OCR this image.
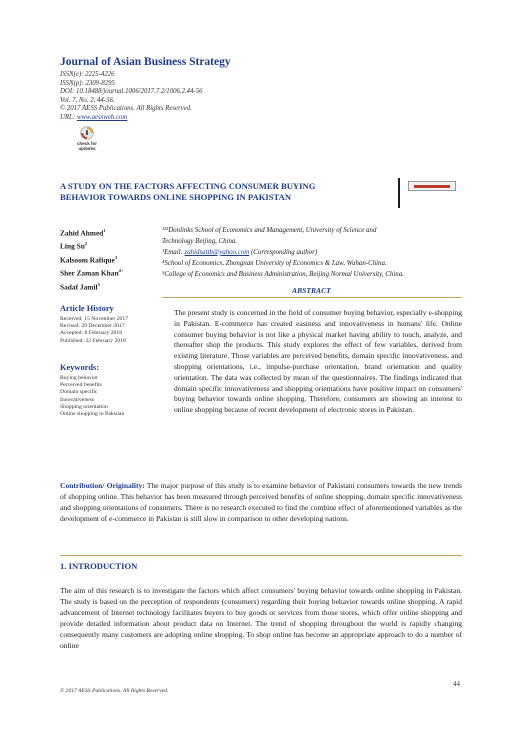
Journal of Asian Business Strategy
ISSN(e): 2225-4226
ISSN(p): 2309-8295
DOI: 10.18488/journal.1006/2017.7.2/1006.2.44-56
Vol. 7, No. 2, 44-56.
© 2017 AESS Publications. All Rights Reserved.
URL: www.aessweb.com
check for
updates
A STUDY ON THE FACTORS AFFECTING CONSUMER BUYING
BEHAVIOR TOWARDS ONLINE SHOPPING IN PAKISTAN
Zahid Ahmed$^1$
Ling Su$^2$
Kalsoom Rafique$^3$
Sher Zaman Khan$^{4+}$
Sadaf Jamil$^5$
¹²³Donlinks School of Economics and Management, University of Science and
Technology Beijing, China.
¹Email: zahidsattb@yahoo.com (Corresponding author)
⁴School of Economics, Zhongnan University of Economics & Law, Wuhan-China.
⁵College of Economics and Business Administration, Beijing Normal University, China.
ABSTRACT
Article History
Received: 15 November 2017
Revised: 29 December 2017
Accepted: 8 February 2018
Published: 22 February 2018
Keywords:
Buying behavior
Perceived benefits
Domain specific
Innovativeness
Shopping orientation
Online shopping in Pakistan
The present study is concerned in the field of consumer buying behavior, especially e-shopping in Pakistan. E-commerce has created easiness and innovativeness in humans' life. Online consumer buying behavior is not like a physical market having ability to touch, analyze, and thereafter shop the products. This study explores the effect of few variables, derived from existing literature. Those variables are perceived benefits, domain specific innovativeness, and shopping orientations, i.e., impulse-purchase orientation, brand orientation and quality orientation. The data was collected by mean of the questionnaires. The findings indicated that domain specific innovativeness and shopping orientations have positive impact on consumers' buying behavior towards online shopping. Therefore, consumers are showing an interest to online shopping because of recent development of electronic stores in Pakistan.
Contribution/ Originality: The major purpose of this study is to examine behavior of Pakistani consumers towards the new trends of shopping online. This behavior has been measured through perceived benefits of online shopping, domain specific innovativeness and shopping orientations of consumers. There is no research executed to find the combine effect of aforementioned variables as the development of e-commerce in Pakistan is still slow in comparison to other developing nations.
1. INTRODUCTION
The aim of this research is to investigate the factors which affect consumers' buying behavior towards online shopping in Pakistan. The study is based on the perception of respondents (consumers) regarding their buying behavior towards online shopping. A rapid advancement of Internet technology facilitates buyers to buy goods or services from those stores, which offer online shopping and provide detailed information about product data on Internet. The trend of shopping throughout the world is rapidly changing consequently many customers are adopting online shopping. To shop online has become an appropriate approach to do a number of online
44
© 2017 AESS Publications. All Rights Reserved.
